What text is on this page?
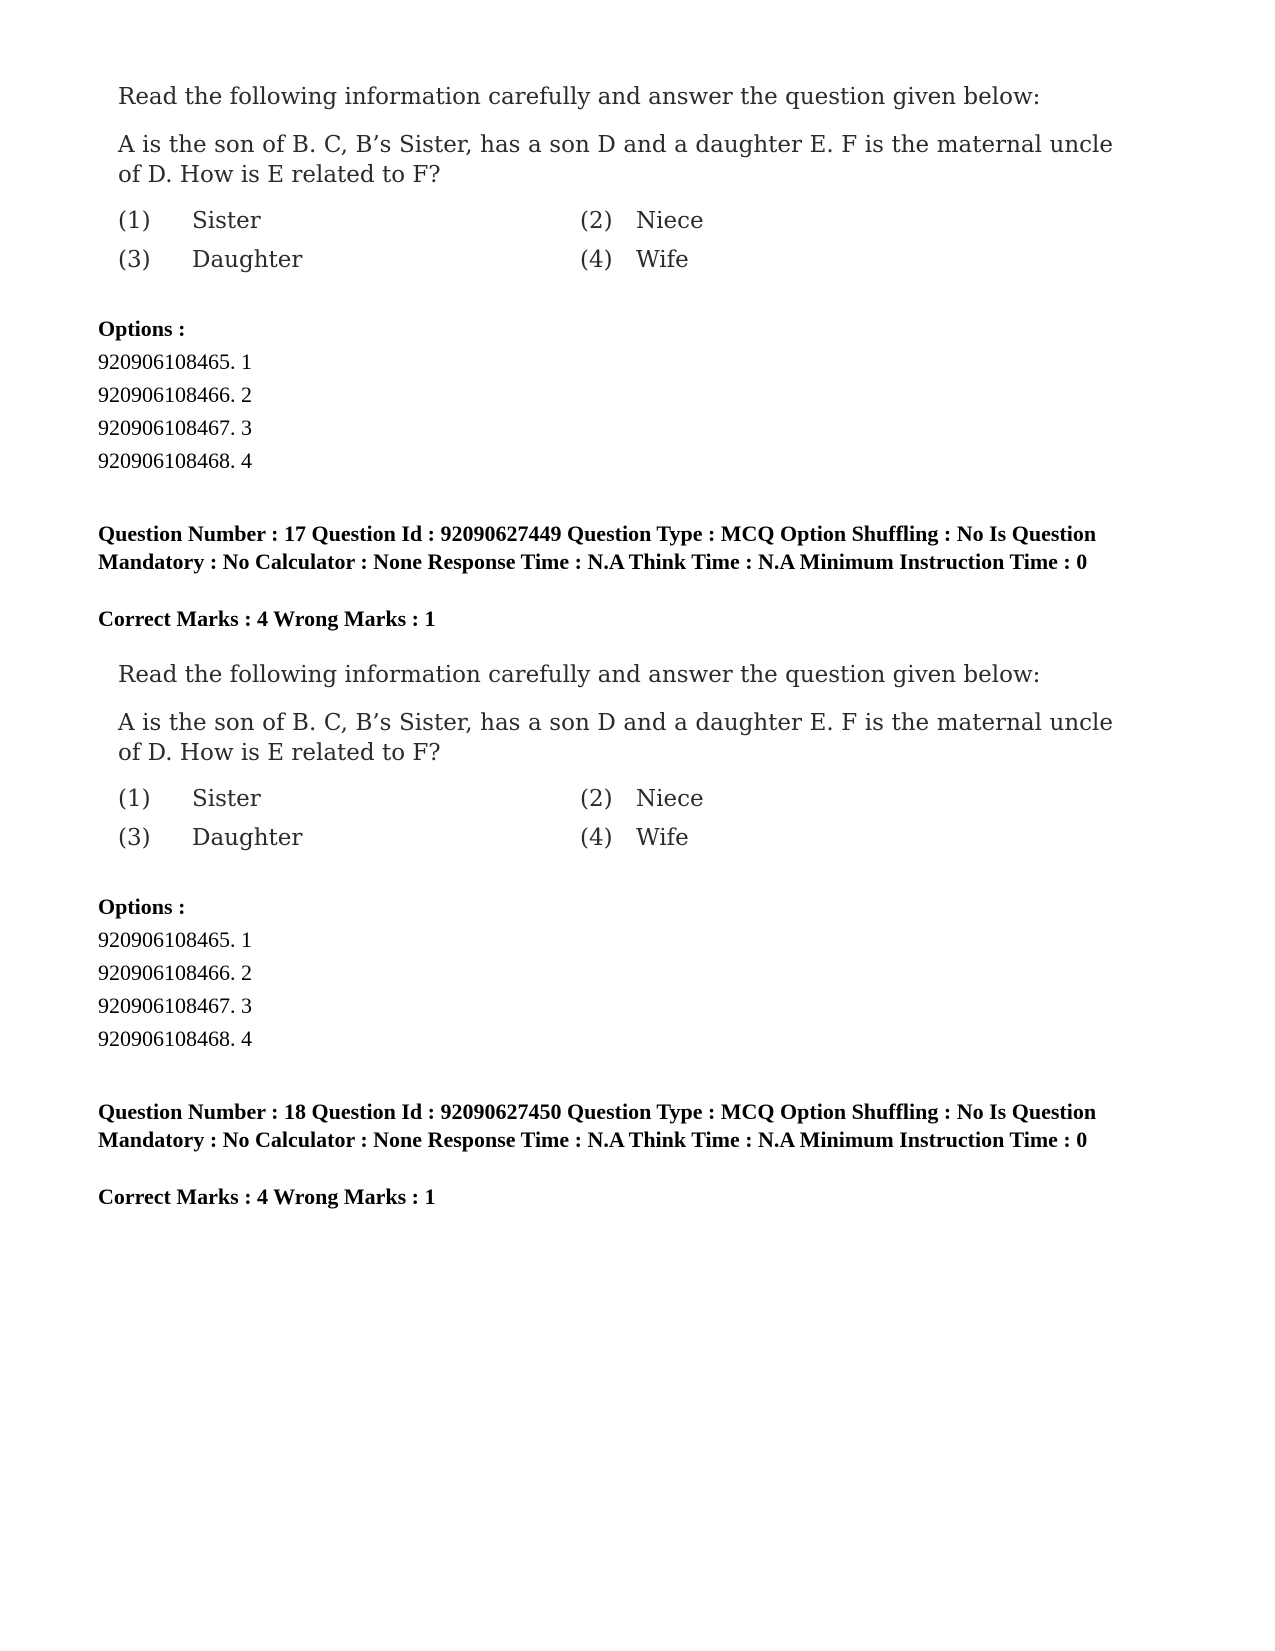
Read the following information carefully and answer the question given below:
A is the son of B. C, B’s Sister, has a son D and a daughter E. F is the maternal uncle of D. How is E related to F?
(1) Sister	(2) Niece
(3) Daughter	(4) Wife
Options :
920906108465. 1
920906108466. 2
920906108467. 3
920906108468. 4
Question Number : 17 Question Id : 92090627449 Question Type : MCQ Option Shuffling : No Is Question Mandatory : No Calculator : None Response Time : N.A Think Time : N.A Minimum Instruction Time : 0
Correct Marks : 4 Wrong Marks : 1
Read the following information carefully and answer the question given below:
A is the son of B. C, B’s Sister, has a son D and a daughter E. F is the maternal uncle of D. How is E related to F?
(1) Sister	(2) Niece
(3) Daughter	(4) Wife
Options :
920906108465. 1
920906108466. 2
920906108467. 3
920906108468. 4
Question Number : 18 Question Id : 92090627450 Question Type : MCQ Option Shuffling : No Is Question Mandatory : No Calculator : None Response Time : N.A Think Time : N.A Minimum Instruction Time : 0
Correct Marks : 4 Wrong Marks : 1
